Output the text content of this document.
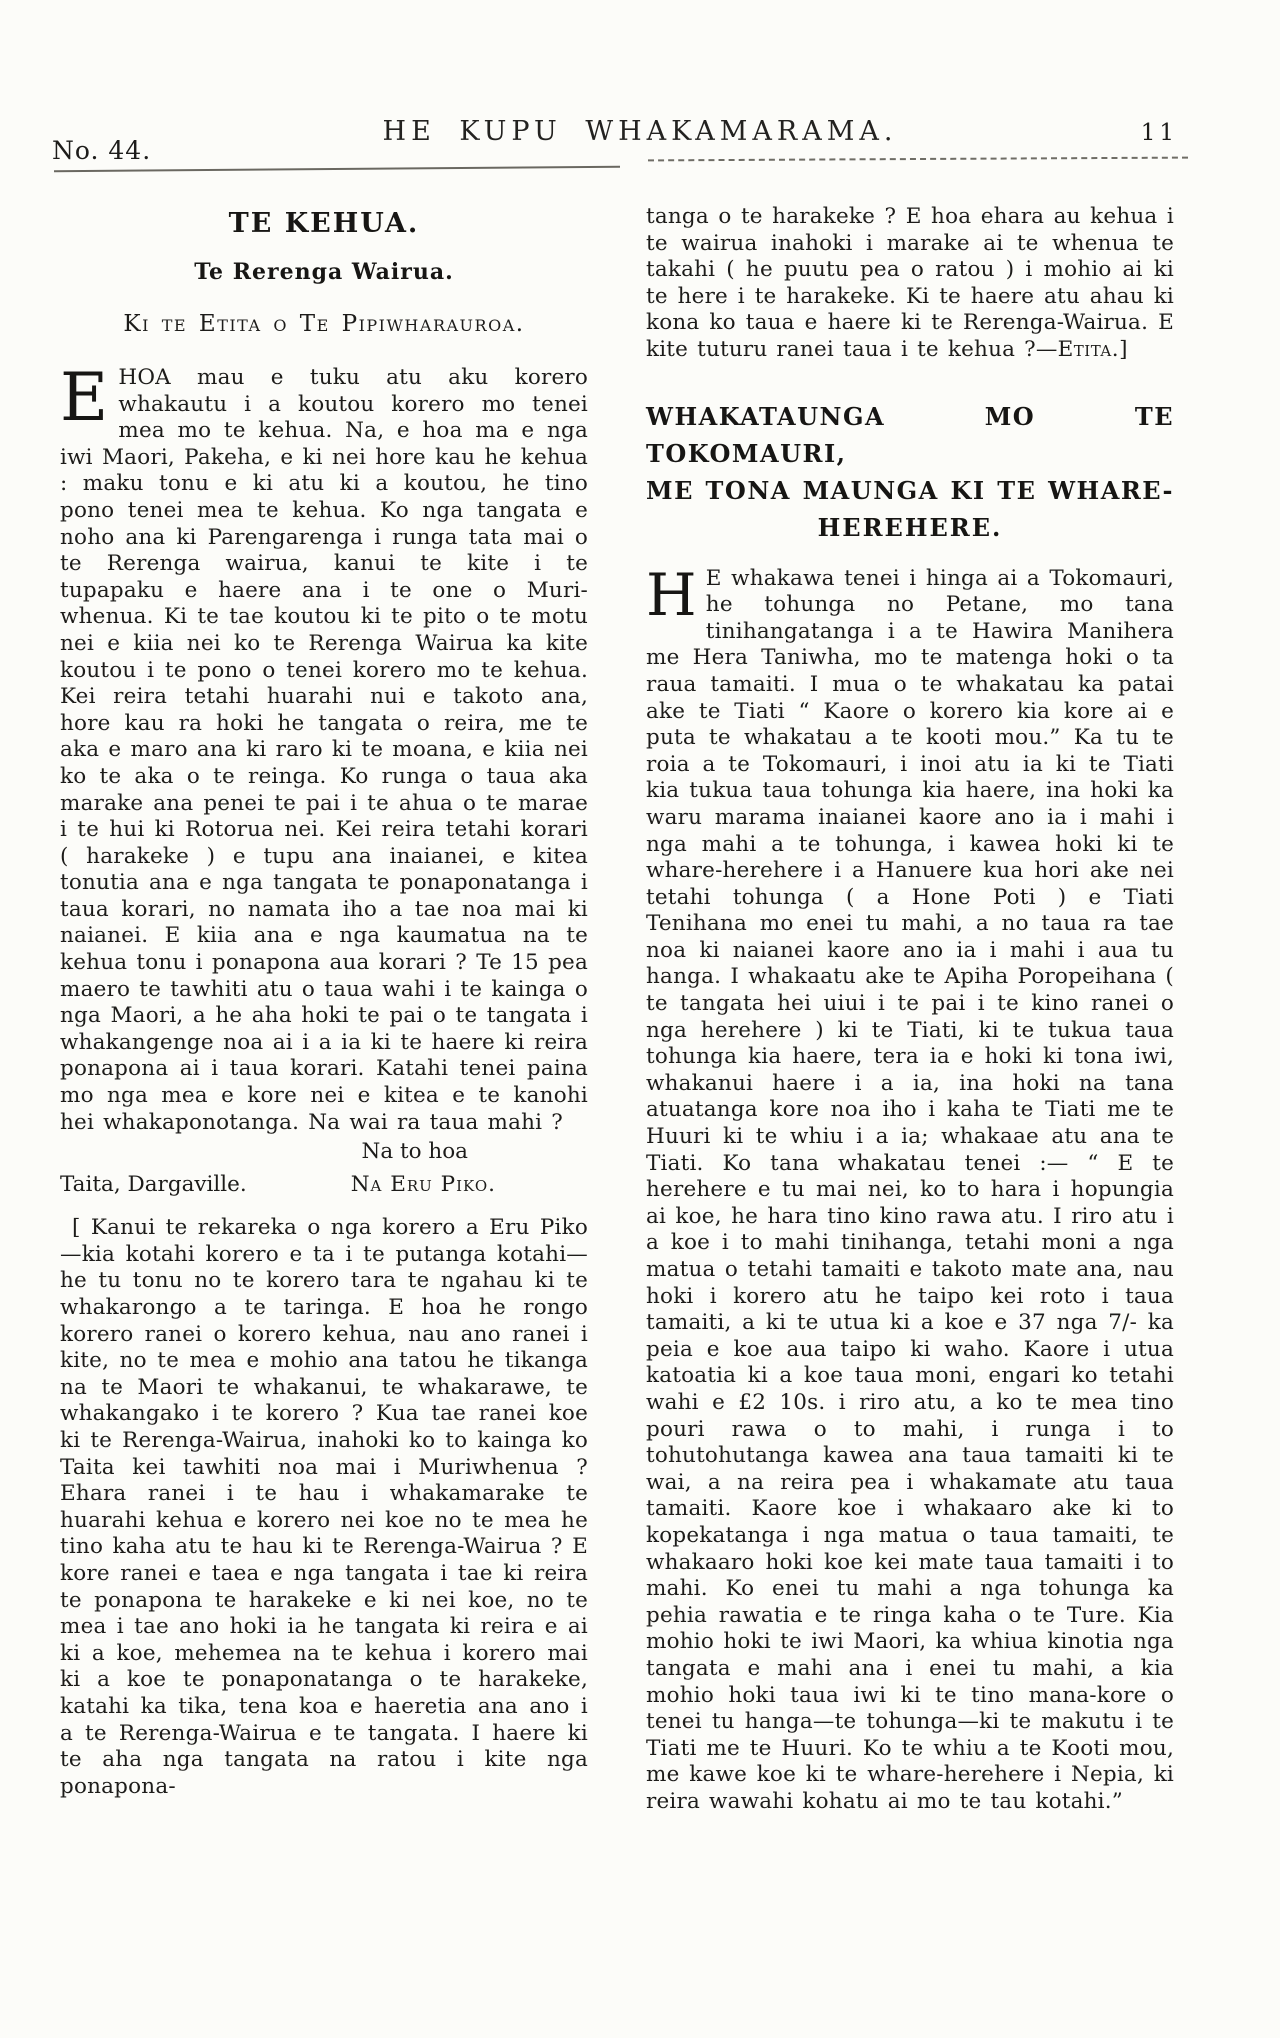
No. 44.
HE KUPU WHAKAMARAMA.	11
TE KEHUA.
Te Rerenga Wairua.
Ki te Etita o Te Pipiwharauroa.
EHOA mau e tuku atu aku korero whakautu i a koutou korero mo tenei mea mo te kehua. Na, e hoa ma e nga iwi Maori, Pakeha, e ki nei hore kau he kehua : maku tonu e ki atu ki a koutou, he tino pono tenei mea te kehua. Ko nga tangata e noho ana ki Parengarenga i runga tata mai o te Rerenga wairua, kanui te kite i te tupapaku e haere ana i te one o Muri-whenua. Ki te tae koutou ki te pito o te motu nei e kiia nei ko te Rerenga Wairua ka kite koutou i te pono o tenei korero mo te kehua. Kei reira tetahi huarahi nui e takoto ana, hore kau ra hoki he tangata o reira, me te aka e maro ana ki raro ki te moana, e kiia nei ko te aka o te reinga. Ko runga o taua aka marake ana penei te pai i te ahua o te marae i te hui ki Rotorua nei. Kei reira tetahi korari ( harakeke ) e tupu ana inaianei, e kitea tonutia ana e nga tangata te ponaponatanga i taua korari, no namata iho a tae noa mai ki naianei. E kiia ana e nga kaumatua na te kehua tonu i ponapona aua korari ? Te 15 pea maero te tawhiti atu o taua wahi i te kainga o nga Maori, a he aha hoki te pai o te tangata i whakangenge noa ai i a ia ki te haere ki reira ponapona ai i taua korari. Katahi tenei paina mo nga mea e kore nei e kitea e te kanohi hei whakaponotanga. Na wai ra taua mahi ?
Na to hoa
Taita, Dargaville.	Na Eru Piko.
[ Kanui te rekareka o nga korero a Eru Piko —kia kotahi korero e ta i te putanga kotahi— he tu tonu no te korero tara te ngahau ki te whakarongo a te taringa. E hoa he rongo korero ranei o korero kehua, nau ano ranei i kite, no te mea e mohio ana tatou he tikanga na te Maori te whakanui, te whakarawe, te whakangako i te korero ? Kua tae ranei koe ki te Rerenga-Wairua, inahoki ko to kainga ko Taita kei tawhiti noa mai i Muriwhenua ? Ehara ranei i te hau i whakamarake te huarahi kehua e korero nei koe no te mea he tino kaha atu te hau ki te Rerenga-Wairua ? E kore ranei e taea e nga tangata i tae ki reira te ponapona te harakeke e ki nei koe, no te mea i tae ano hoki ia he tangata ki reira e ai ki a koe, mehemea na te kehua i korero mai ki a koe te ponaponatanga o te harakeke, katahi ka tika, tena koa e haeretia ana ano i a te Rerenga-Wairua e te tangata. I haere ki te aha nga tangata na ratou i kite nga ponapona-
tanga o te harakeke ? E hoa ehara au kehua i te wairua inahoki i marake ai te whenua te takahi ( he puutu pea o ratou ) i mohio ai ki te here i te harakeke. Ki te haere atu ahau ki kona ko taua e haere ki te Rerenga-Wairua. E kite tuturu ranei taua i te kehua ?—Etita.]
WHAKATAUNGA MO TE TOKOMAURI,
ME TONA MAUNGA KI TE WHARE-
HEREHERE.
H E whakawa tenei i hinga ai a Tokomauri, he tohunga no Petane, mo tana tinihangatanga i a te Hawira Manihera me Hera Taniwha, mo te matenga hoki o ta raua tamaiti. I mua o te whakatau ka patai ake te Tiati “ Kaore o korero kia kore ai e puta te whakatau a te kooti mou.” Ka tu te roia a te Tokomauri, i inoi atu ia ki te Tiati kia tukua taua tohunga kia haere, ina hoki ka waru marama inaianei kaore ano ia i mahi i nga mahi a te tohunga, i kawea hoki ki te whare-herehere i a Hanuere kua hori ake nei tetahi tohunga ( a Hone Poti ) e Tiati Tenihana mo enei tu mahi, a no taua ra tae noa ki naianei kaore ano ia i mahi i aua tu hanga. I whakaatu ake te Apiha Poropeihana ( te tangata hei uiui i te pai i te kino ranei o nga herehere ) ki te Tiati, ki te tukua taua tohunga kia haere, tera ia e hoki ki tona iwi, whakanui haere i a ia, ina hoki na tana atuatanga kore noa iho i kaha te Tiati me te Huuri ki te whiu i a ia; whakaae atu ana te Tiati. Ko tana whakatau tenei :— “ E te herehere e tu mai nei, ko to hara i hopungia ai koe, he hara tino kino rawa atu. I riro atu i a koe i to mahi tinihanga, tetahi moni a nga matua o tetahi tamaiti e takoto mate ana, nau hoki i korero atu he taipo kei roto i taua tamaiti, a ki te utua ki a koe e 37 nga 7/- ka peia e koe aua taipo ki waho. Kaore i utua katoatia ki a koe taua moni, engari ko tetahi wahi e £2 10s. i riro atu, a ko te mea tino pouri rawa o to mahi, i runga i to tohutohutanga kawea ana taua tamaiti ki te wai, a na reira pea i whakamate atu taua tamaiti. Kaore koe i whakaaro ake ki to kopekatanga i nga matua o taua tamaiti, te whakaaro hoki koe kei mate taua tamaiti i to mahi. Ko enei tu mahi a nga tohunga ka pehia rawatia e te ringa kaha o te Ture. Kia mohio hoki te iwi Maori, ka whiua kinotia nga tangata e mahi ana i enei tu mahi, a kia mohio hoki taua iwi ki te tino mana-kore o tenei tu hanga—te tohunga—ki te makutu i te Tiati me te Huuri. Ko te whiu a te Kooti mou, me kawe koe ki te whare-herehere i Nepia, ki reira wawahi kohatu ai mo te tau kotahi.”
